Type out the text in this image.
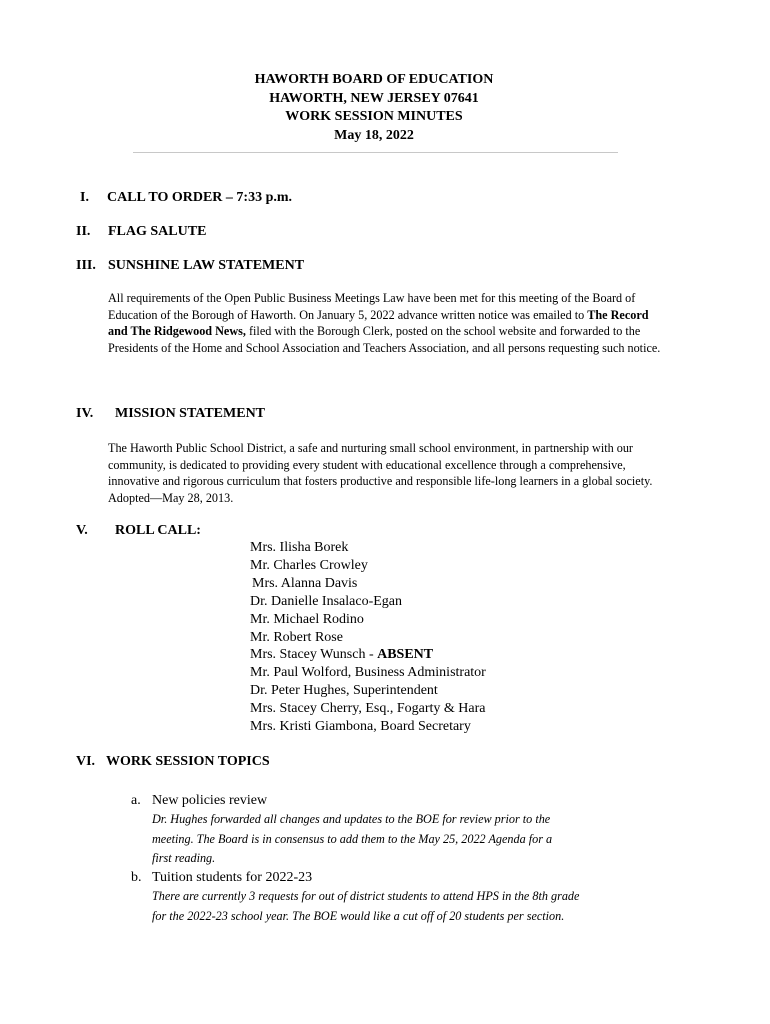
HAWORTH BOARD OF EDUCATION
HAWORTH, NEW JERSEY 07641
WORK SESSION MINUTES
May 18, 2022
I. CALL TO ORDER – 7:33 p.m.
II. FLAG SALUTE
III. SUNSHINE LAW STATEMENT

All requirements of the Open Public Business Meetings Law have been met for this meeting of the Board of Education of the Borough of Haworth. On January 5, 2022 advance written notice was emailed to The Record and The Ridgewood News, filed with the Borough Clerk, posted on the school website and forwarded to the Presidents of the Home and School Association and Teachers Association, and all persons requesting such notice.

IV. MISSION STATEMENT

The Haworth Public School District, a safe and nurturing small school environment, in partnership with our community, is dedicated to providing every student with educational excellence through a comprehensive, innovative and rigorous curriculum that fosters productive and responsible life-long learners in a global society. Adopted—May 28, 2013.

V. ROLL CALL:
Mrs. Ilisha Borek
Mr. Charles Crowley
Mrs. Alanna Davis
Dr. Danielle Insalaco-Egan
Mr. Michael Rodino
Mr. Robert Rose
Mrs. Stacey Wunsch - ABSENT
Mr. Paul Wolford, Business Administrator
Dr. Peter Hughes, Superintendent
Mrs. Stacey Cherry, Esq., Fogarty & Hara
Mrs. Kristi Giambona, Board Secretary
VI. WORK SESSION TOPICS
a. New policies review
Dr. Hughes forwarded all changes and updates to the BOE for review prior to the
meeting. The Board is in consensus to add them to the May 25, 2022 Agenda for a
first reading.
b. Tuition students for 2022-23
There are currently 3 requests for out of district students to attend HPS in the 8th grade
for the 2022-23 school year. The BOE would like a cut off of 20 students per section.
